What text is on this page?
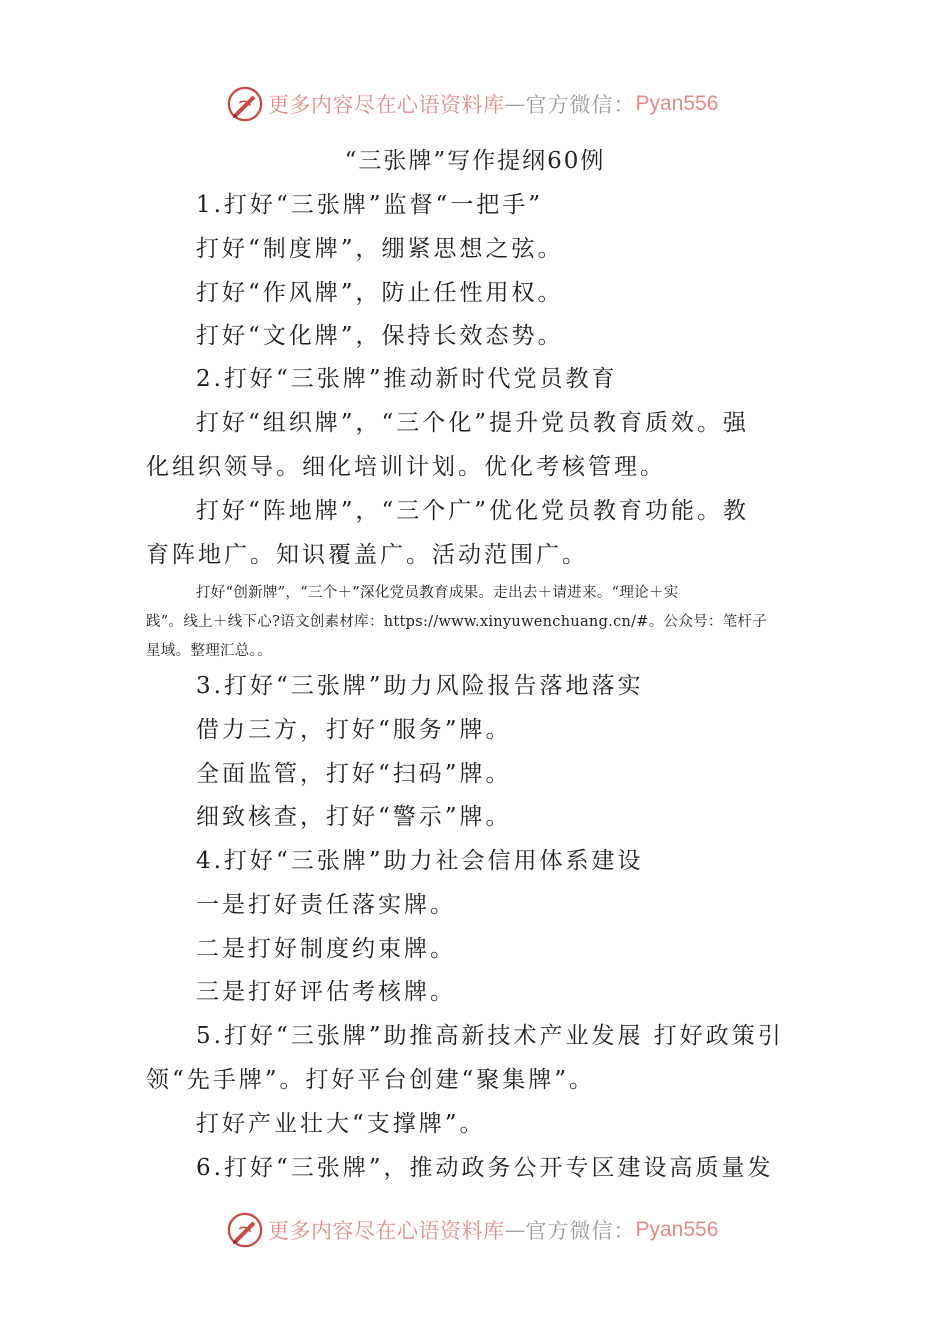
更多内容尽在心语资料库 — 官方微信： Pyan556
“三张牌”写作提纲60例
1.打好“三张牌”监督“一把手”
打好“制度牌”，绷紧思想之弦。
打好“作风牌”，防止任性用权。
打好“文化牌”，保持长效态势。
2.打好“三张牌”推动新时代党员教育
打好“组织牌”，“三个化”提升党员教育质效。强
化组织领导。细化培训计划。优化考核管理。
打好“阵地牌”，“三个广”优化党员教育功能。教
育阵地广。知识覆盖广。活动范围广。
打好“创新牌”，“三个＋”深化党员教育成果。走出去＋请进来。“理论＋实
践”。线上＋线下心?语文创素材库：https://www.xinyuwenchuang.cn/#。公众号：笔杆子
星域。整理汇总。。
3.打好“三张牌”助力风险报告落地落实
借力三方，打好“服务”牌。
全面监管，打好“扫码”牌。
细致核查，打好“警示”牌。
4.打好“三张牌”助力社会信用体系建设
一是打好责任落实牌。
二是打好制度约束牌。
三是打好评估考核牌。
5.打好“三张牌”助推高新技术产业发展 打好政策引
领“先手牌”。打好平台创建“聚集牌”。
打好产业壮大“支撑牌”。
6.打好“三张牌”，推动政务公开专区建设高质量发
更多内容尽在心语资料库 — 官方微信： Pyan556
